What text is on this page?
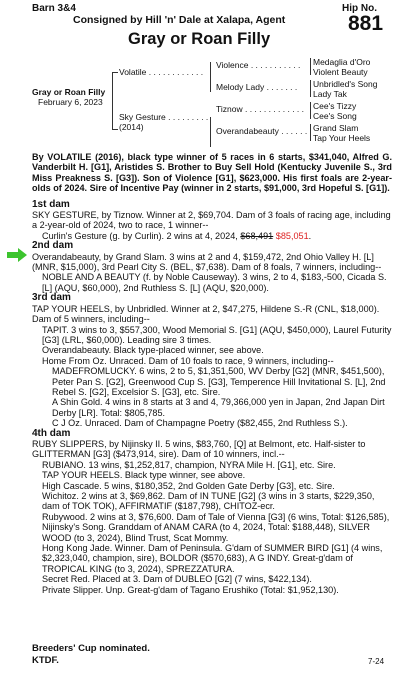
Barn 3&4	Hip No.
Consigned by Hill 'n' Dale at Xalapa, Agent	881
Gray or Roan Filly
Gray or Roan Filly
February 6, 2023
Volatile . . . . . . . . . . . .
Sky Gesture . . . . . . . . .
(2014)
Violence . . . . . . . . . . .
Melody Lady . . . . . . .
Tiznow . . . . . . . . . . . . .
Overandabeauty . . . . . .
Medaglia d'Oro
Violent Beauty
Unbridled's Song
Lady Tak
Cee's Tizzy
Cee's Song
Grand Slam
Tap Your Heels

By VOLATILE (2016), black type winner of 5 races in 6 starts, $341,040, Alfred G. Vanderbilt H. [G1], Aristides S. Brother to Buy Sell Hold (Kentucky Juvenile S., 3rd Miss Preakness S. [G3]). Son of Violence [G1], $623,000. His first foals are 2-year-olds of 2024. Sire of Incentive Pay (winner in 2 starts, $91,000, 3rd Hopeful S. [G1]).

1st dam

SKY GESTURE, by Tiznow. Winner at 2, $69,704. Dam of 3 foals of racing age, including a 2-year-old of 2024, two to race, 1 winner--

Curlin's Gesture (g. by Curlin). 2 wins at 4, 2024, $68,491 $85,051.

2nd dam

Overandabeauty, by Grand Slam. 3 wins at 2 and 4, $159,472, 2nd Ohio Valley H. [L] (MNR, $15,000), 3rd Pearl City S. (BEL, $7,638). Dam of 8 foals, 7 winners, including--

NOBLE AND A BEAUTY (f. by Noble Causeway). 3 wins, 2 to 4, $183,-500, Cicada S. [L] (AQU, $60,000), 2nd Ruthless S. [L] (AQU, $20,000).

3rd dam

TAP YOUR HEELS, by Unbridled. Winner at 2, $47,275, Hildene S.-R (CNL, $18,000). Dam of 5 winners, including--

TAPIT. 3 wins to 3, $557,300, Wood Memorial S. [G1] (AQU, $450,000), Laurel Futurity [G3] (LRL, $60,000). Leading sire 3 times.

Overandabeauty. Black type-placed winner, see above.

Home From Oz. Unraced. Dam of 10 foals to race, 9 winners, including--

MADEFROMLUCKY. 6 wins, 2 to 5, $1,351,500, WV Derby [G2] (MNR, $451,500), Peter Pan S. [G2], Greenwood Cup S. [G3], Temperence Hill Invitational S. [L], 2nd Rebel S. [G2], Excelsior S. [G3], etc. Sire.

A Shin Gold. 4 wins in 8 starts at 3 and 4, 79,366,000 yen in Japan, 2nd Japan Dirt Derby [LR]. Total: $805,785.

C J Oz. Unraced. Dam of Champagne Poetry ($82,455, 2nd Ruthless S.).

4th dam

RUBY SLIPPERS, by Nijinsky II. 5 wins, $83,760, [Q] at Belmont, etc. Half-sister to GLITTERMAN [G3] ($473,914, sire). Dam of 10 winners, incl.--

RUBIANO. 13 wins, $1,252,817, champion, NYRA Mile H. [G1], etc. Sire.

TAP YOUR HEELS. Black type winner, see above.

High Cascade. 5 wins, $180,352, 2nd Golden Gate Derby [G3], etc. Sire.

Wichitoz. 2 wins at 3, $69,862. Dam of IN TUNE [G2] (3 wins in 3 starts, $229,350, dam of TOK TOK), AFFIRMATIF ($187,798), CHITOZ-ecr.

Rubywood. 2 wins at 3, $76,600. Dam of Tale of Vienna [G3] (6 wins, Total: $126,585), Nijinsky's Song. Granddam of ANAM CARA (to 4, 2024, Total: $188,448), SILVER WOOD (to 3, 2024), Blind Trust, Scat Mommy.

Hong Kong Jade. Winner. Dam of Peninsula. G'dam of SUMMER BIRD [G1] (4 wins, $2,323,040, champion, sire), BOLDOR ($570,683), A G INDY. Great-g'dam of TROPICAL KING (to 3, 2024), SPREZZATURA.

Secret Red. Placed at 3. Dam of DUBLEO [G2] (7 wins, $422,134).

Private Slipper. Unp. Great-g'dam of Tagano Erushiko (Total: $1,952,130).

Breeders' Cup nominated.
KTDF.	7-24
